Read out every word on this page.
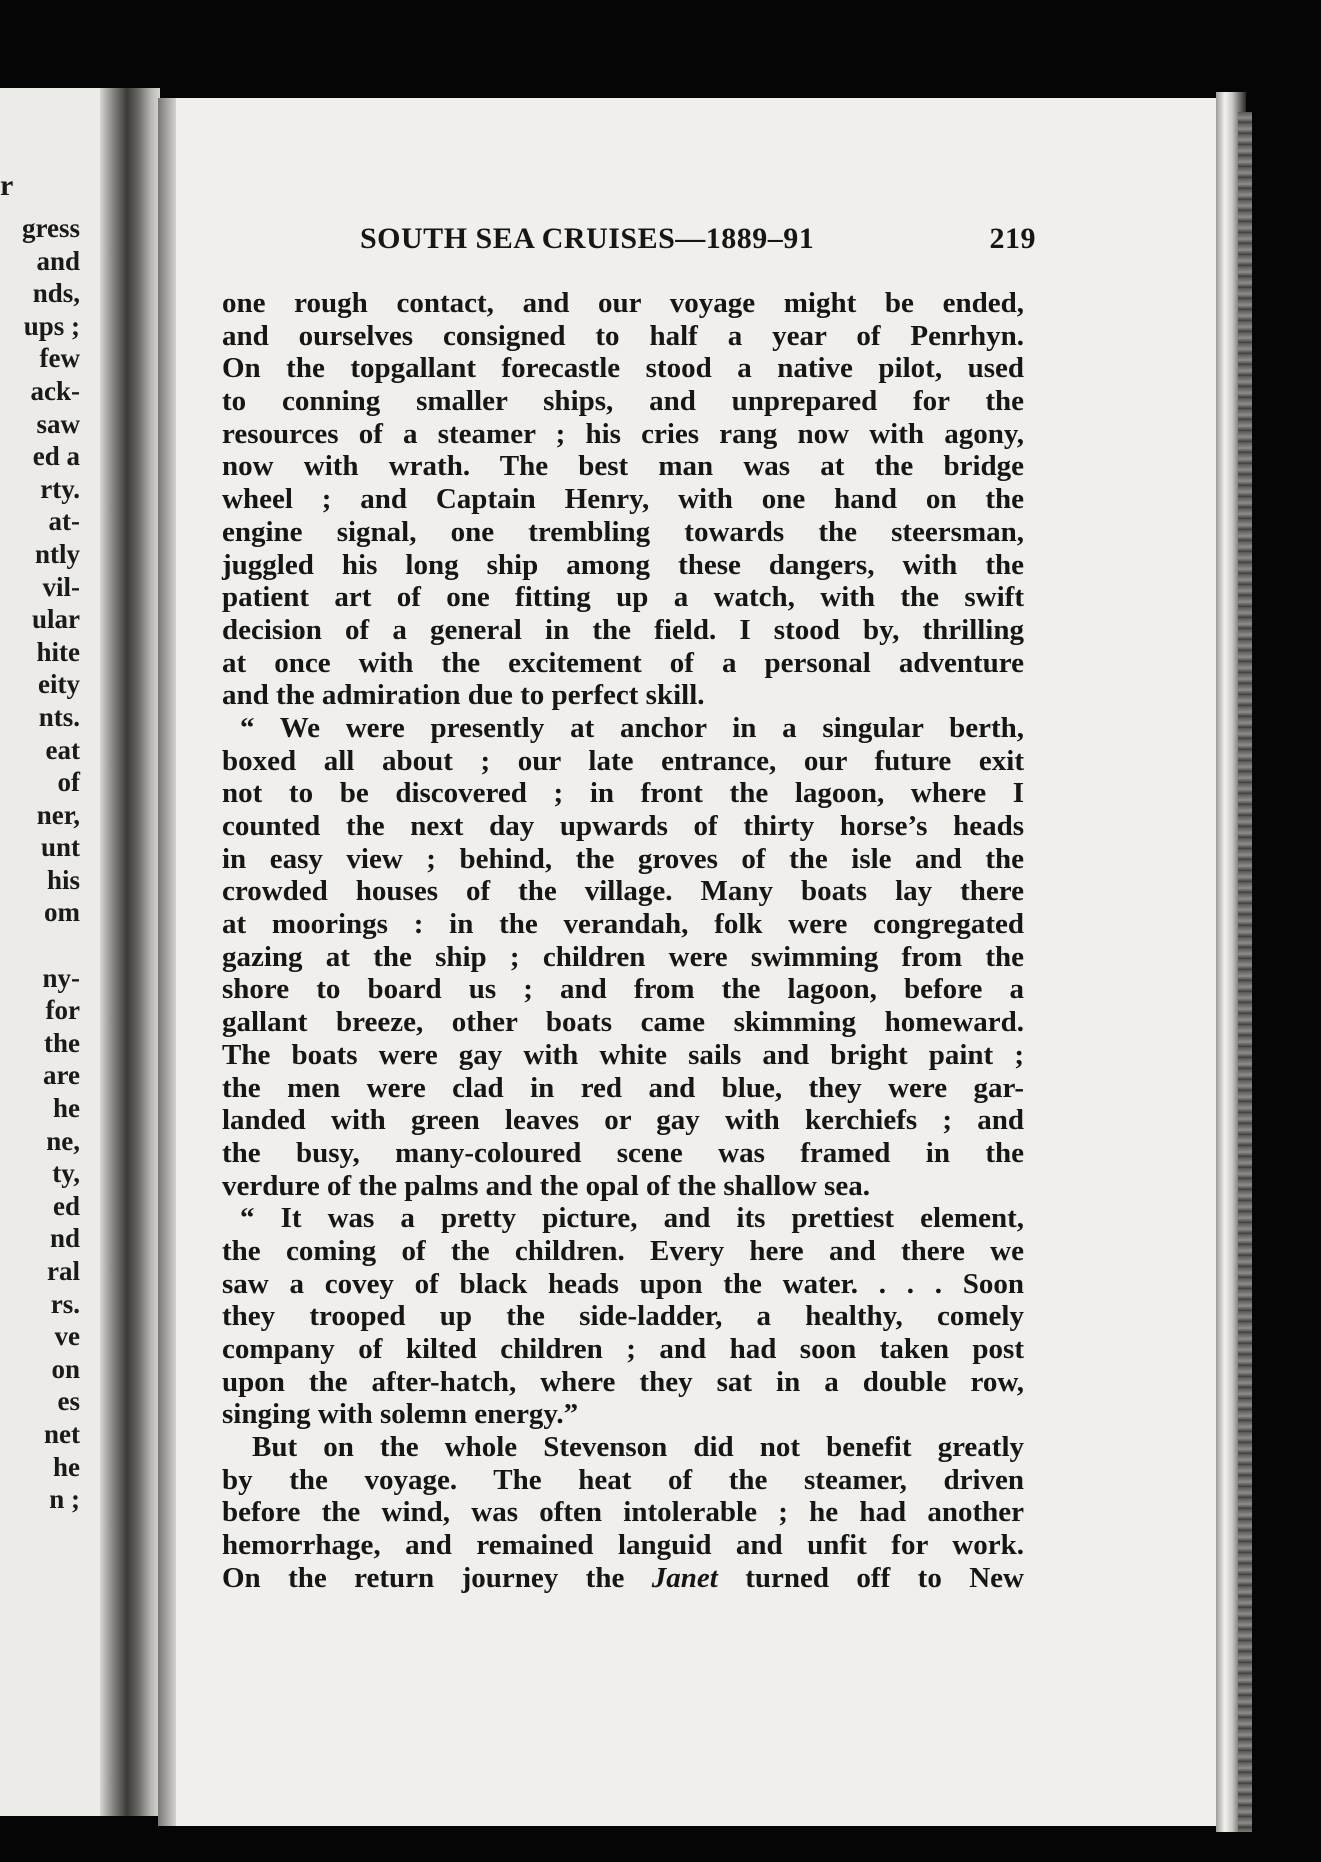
r
gress
and
nds,
ups ;
few
ack-
saw
ed a
rty.
at-
ntly
vil-
ular
hite
eity
nts.
eat
of
ner,
unt
his
om
ny-
for
the
are
he
ne,
ty,
ed
nd
ral
rs.
ve
on
es
net
he
n ;
SOUTH SEA CRUISES—1889–91	219
one rough contact, and our voyage might be ended,
and ourselves consigned to half a year of Penrhyn.
On the topgallant forecastle stood a native pilot, used
to conning smaller ships, and unprepared for the
resources of a steamer ; his cries rang now with agony,
now with wrath. The best man was at the bridge
wheel ; and Captain Henry, with one hand on the
engine signal, one trembling towards the steersman,
juggled his long ship among these dangers, with the
patient art of one fitting up a watch, with the swift
decision of a general in the field. I stood by, thrilling
at once with the excitement of a personal adventure
and the admiration due to perfect skill.
“ We were presently at anchor in a singular berth,
boxed all about ; our late entrance, our future exit
not to be discovered ; in front the lagoon, where I
counted the next day upwards of thirty horse’s heads
in easy view ; behind, the groves of the isle and the
crowded houses of the village. Many boats lay there
at moorings : in the verandah, folk were congregated
gazing at the ship ; children were swimming from the
shore to board us ; and from the lagoon, before a
gallant breeze, other boats came skimming homeward.
The boats were gay with white sails and bright paint ;
the men were clad in red and blue, they were gar-
landed with green leaves or gay with kerchiefs ; and
the busy, many-coloured scene was framed in the
verdure of the palms and the opal of the shallow sea.
“ It was a pretty picture, and its prettiest element,
the coming of the children. Every here and there we
saw a covey of black heads upon the water. . . . Soon
they trooped up the side-ladder, a healthy, comely
company of kilted children ; and had soon taken post
upon the after-hatch, where they sat in a double row,
singing with solemn energy.”
But on the whole Stevenson did not benefit greatly
by the voyage. The heat of the steamer, driven
before the wind, was often intolerable ; he had another
hemorrhage, and remained languid and unfit for work.
On the return journey the Janet turned off to New
